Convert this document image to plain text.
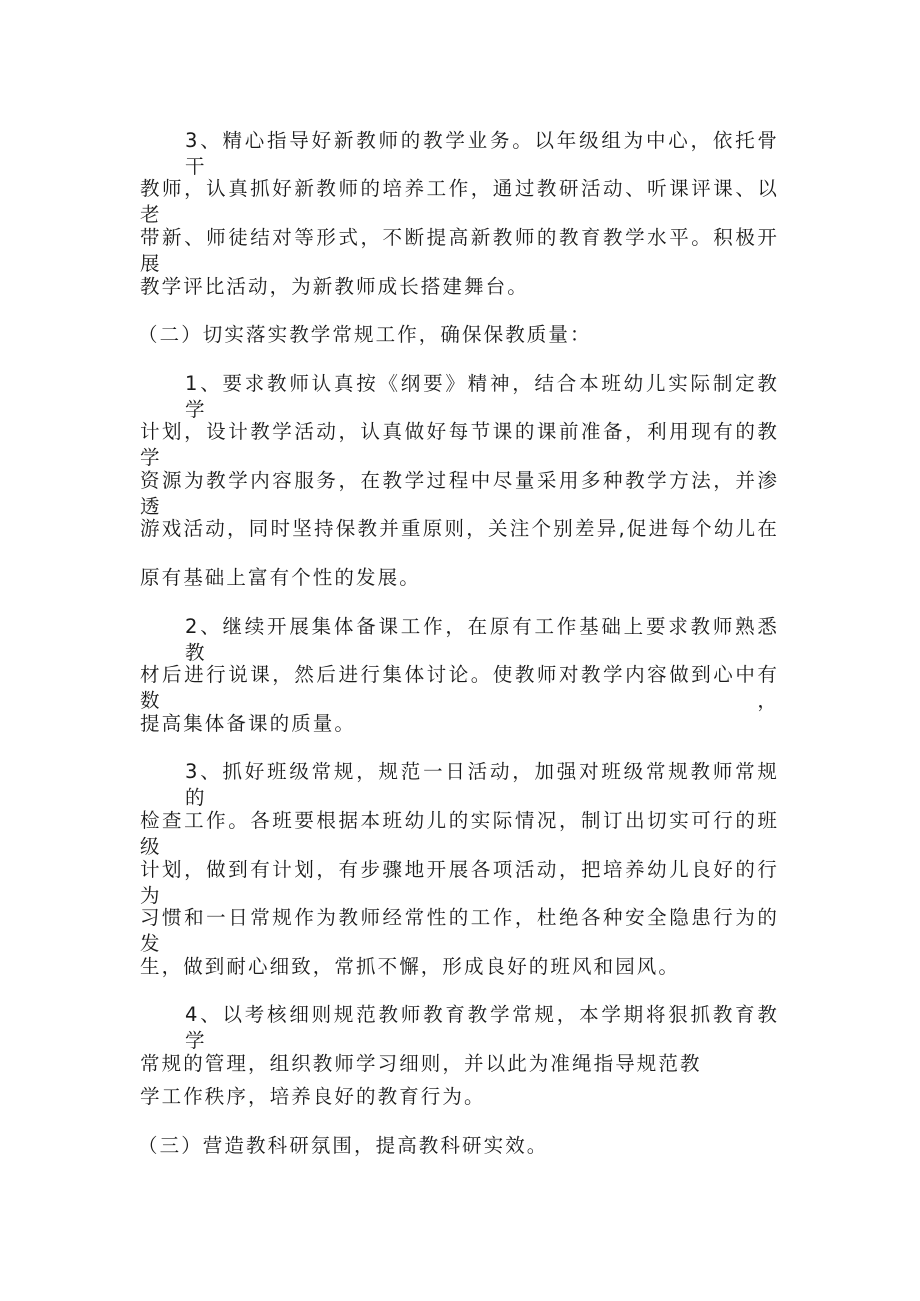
3、精心指导好新教师的教学业务。以年级组为中心，依托骨干
教师，认真抓好新教师的培养工作，通过教研活动、听课评课、以老
带新、师徒结对等形式，不断提高新教师的教育教学水平。积极开展
教学评比活动，为新教师成长搭建舞台。
（二）切实落实教学常规工作，确保保教质量：
1、要求教师认真按《纲要》精神，结合本班幼儿实际制定教学
计划，设计教学活动，认真做好每节课的课前准备，利用现有的教学
资源为教学内容服务，在教学过程中尽量采用多种教学方法，并渗透
游戏活动，同时坚持保教并重原则，关注个别差异,促进每个幼儿在
原有基础上富有个性的发展。
2、继续开展集体备课工作，在原有工作基础上要求教师熟悉教
材后进行说课，然后进行集体讨论。使教师对教学内容做到心中有数，
提高集体备课的质量。
3、抓好班级常规，规范一日活动，加强对班级常规教师常规的
检查工作。各班要根据本班幼儿的实际情况，制订出切实可行的班级
计划，做到有计划，有步骤地开展各项活动，把培养幼儿良好的行为
习惯和一日常规作为教师经常性的工作，杜绝各种安全隐患行为的发
生，做到耐心细致，常抓不懈，形成良好的班风和园风。
4、以考核细则规范教师教育教学常规，本学期将狠抓教育教学
常规的管理，组织教师学习细则，并以此为准绳指导规范教
学工作秩序，培养良好的教育行为。
（三）营造教科研氛围，提高教科研实效。
